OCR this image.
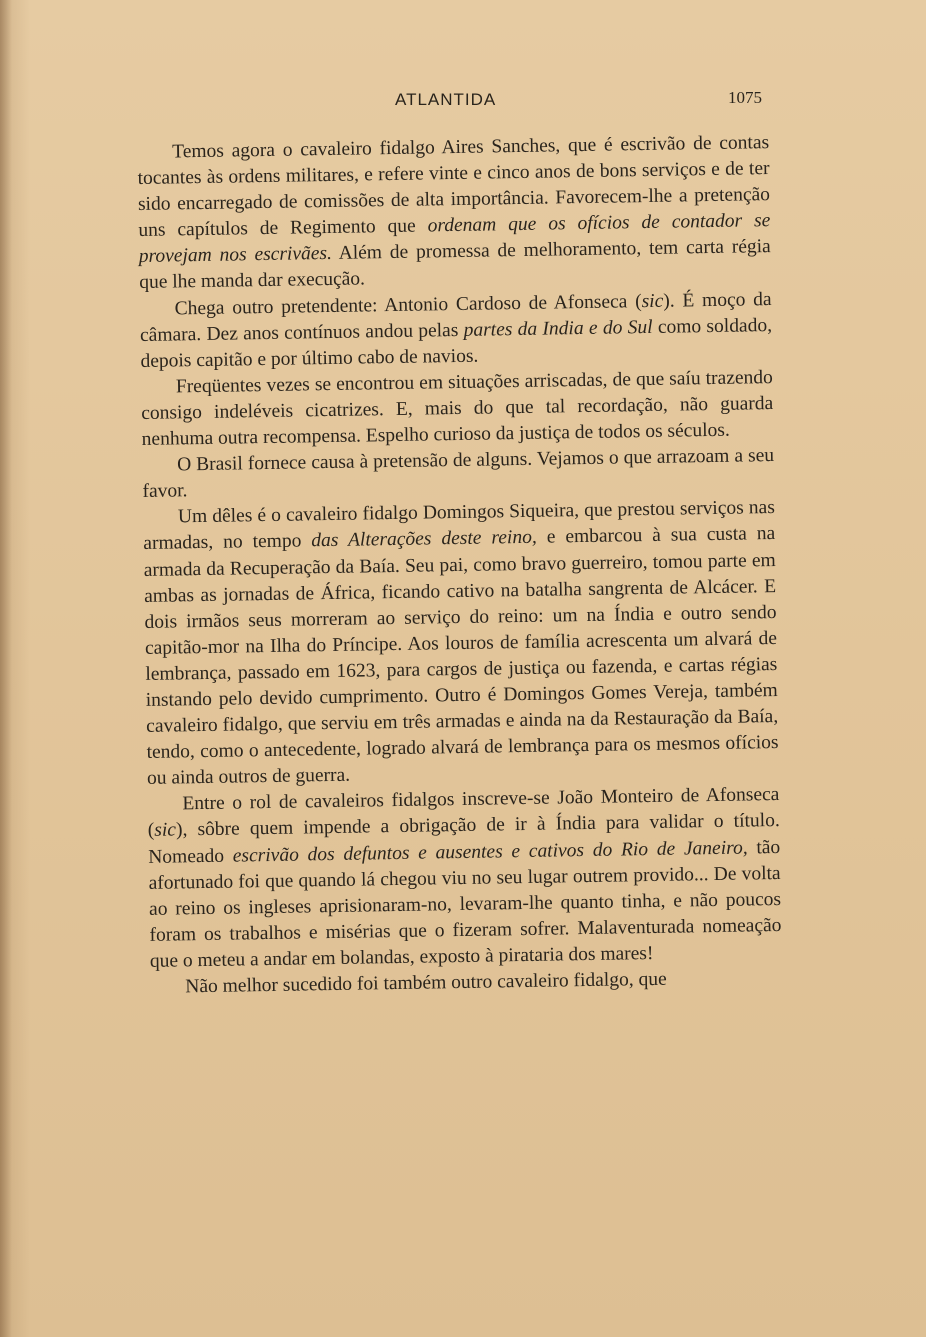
ATLANTIDA	1075

Temos agora o cavaleiro fidalgo Aires Sanches, que é escrivão de contas tocantes às ordens militares, e refere vinte e cinco anos de bons serviços e de ter sido encarregado de comissões de alta importância. Favorecem-lhe a pretenção uns capítulos de Regimento que ordenam que os ofícios de contador se provejam nos escrivães. Além de promessa de melhoramento, tem carta régia que lhe manda dar execução.

Chega outro pretendente: Antonio Cardoso de Afonseca (sic). É moço da câmara. Dez anos contínuos andou pelas partes da India e do Sul como soldado, depois capitão e por último cabo de navios.

Freqüentes vezes se encontrou em situações arriscadas, de que saíu trazendo consigo indeléveis cicatrizes. E, mais do que tal recordação, não guarda nenhuma outra recompensa. Espelho curioso da justiça de todos os séculos.

O Brasil fornece causa à pretensão de alguns. Vejamos o que arrazoam a seu favor.

Um dêles é o cavaleiro fidalgo Domingos Siqueira, que prestou serviços nas armadas, no tempo das Alterações deste reino, e embarcou à sua custa na armada da Recuperação da Baía. Seu pai, como bravo guerreiro, tomou parte em ambas as jornadas de África, ficando cativo na batalha sangrenta de Alcácer. E dois irmãos seus morreram ao serviço do reino: um na Índia e outro sendo capitão-mor na Ilha do Príncipe. Aos louros de família acrescenta um alvará de lembrança, passado em 1623, para cargos de justiça ou fazenda, e cartas régias instando pelo devido cumprimento. Outro é Domingos Gomes Vereja, também cavaleiro fidalgo, que serviu em três armadas e ainda na da Restauração da Baía, tendo, como o antecedente, logrado alvará de lembrança para os mesmos ofícios ou ainda outros de guerra.

Entre o rol de cavaleiros fidalgos inscreve-se João Monteiro de Afonseca (sic), sôbre quem impende a obrigação de ir à Índia para validar o título. Nomeado escrivão dos defuntos e ausentes e cativos do Rio de Janeiro, tão afortunado foi que quando lá chegou viu no seu lugar outrem provido... De volta ao reino os ingleses aprisionaram-no, levaram-lhe quanto tinha, e não poucos foram os trabalhos e misérias que o fizeram sofrer. Malaventurada nomeação que o meteu a andar em bolandas, exposto à pirataria dos mares!

Não melhor sucedido foi também outro cavaleiro fidalgo, que
